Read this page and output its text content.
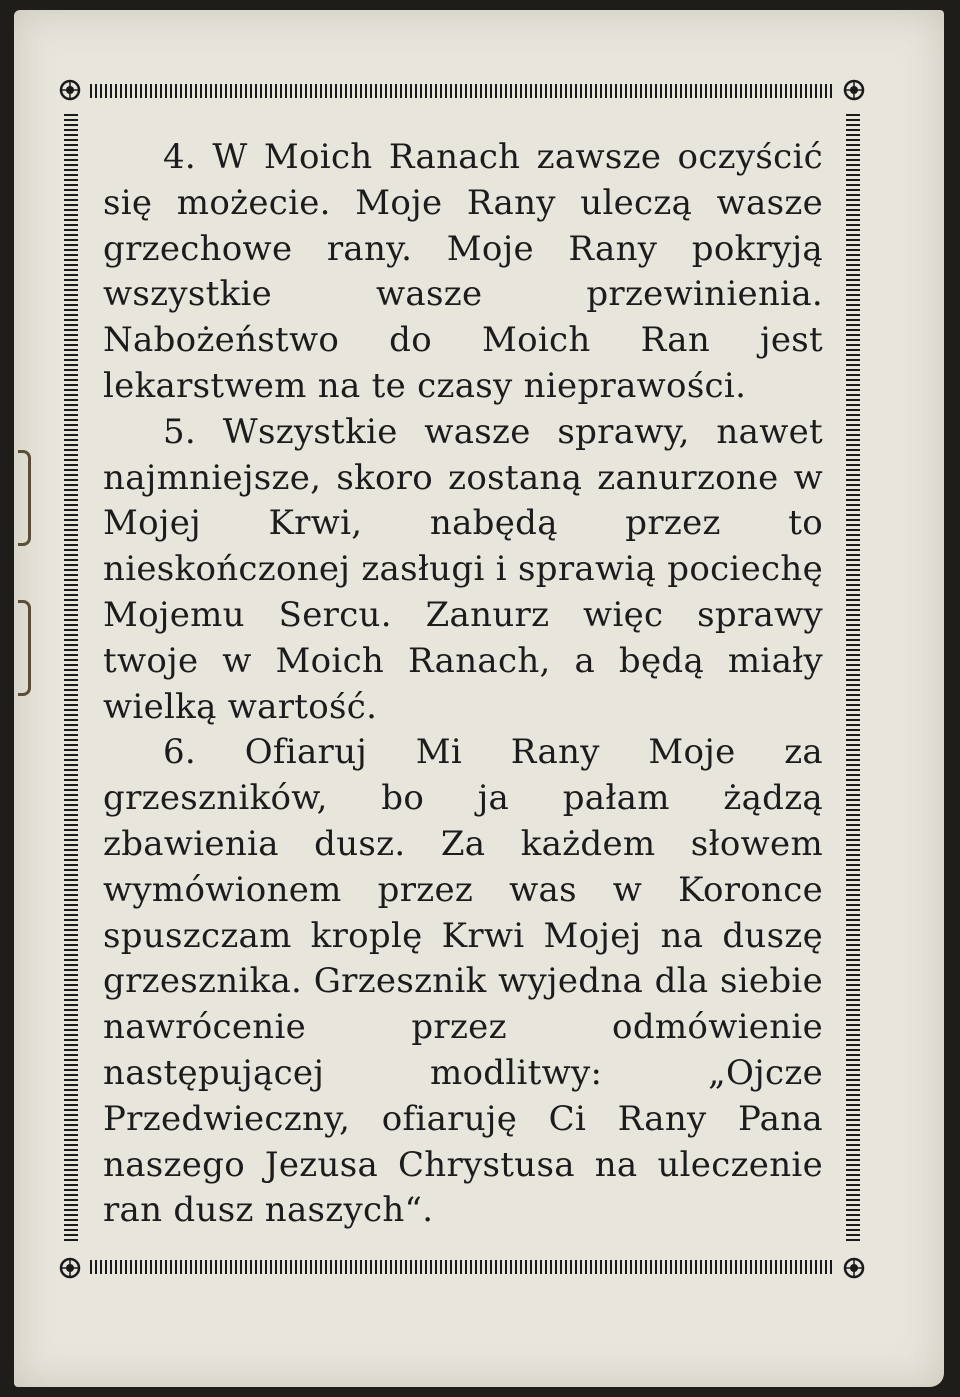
4. W Moich Ranach zawsze oczyścić się możecie. Moje Rany uleczą wasze grzechowe rany. Moje Rany pokryją wszystkie wasze przewinienia. Nabożeństwo do Moich Ran jest lekarstwem na te czasy nieprawości.

5. Wszystkie wasze sprawy, nawet najmniejsze, skoro zostaną zanurzone w Mojej Krwi, nabędą przez to nieskończonej zasługi i sprawią pociechę Mojemu Sercu. Zanurz więc sprawy twoje w Moich Ranach, a będą miały wielką wartość.

6. Ofiaruj Mi Rany Moje za grzeszników, bo ja pałam żądzą zbawienia dusz. Za każdem słowem wymówionem przez was w Koronce spuszczam kroplę Krwi Mojej na duszę grzesznika. Grzesznik wyjedna dla siebie nawrócenie przez odmówienie następującej modlitwy: „Ojcze Przedwieczny, ofiaruję Ci Rany Pana naszego Jezusa Chrystusa na uleczenie ran dusz naszych“.
